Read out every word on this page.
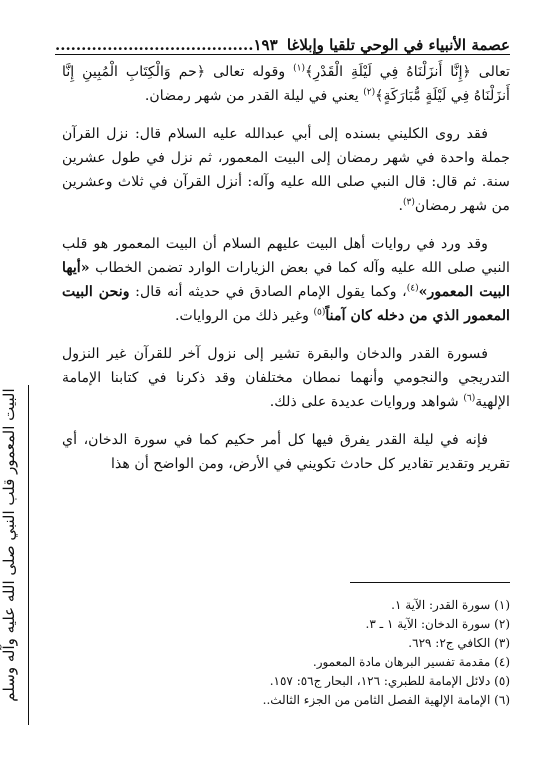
عصمة الأنبياء في الوحي تلقيا وإبلاغا
١٩٣......................................

تعالى ﴿إِنَّا أَنزَلْنَاهُ فِي لَيْلَةِ الْقَدْرِ﴾$^{(١)}$ وقوله تعالى ﴿حم وَالْكِتَابِ الْمُبِينِ إِنَّا أَنزَلْنَاهُ فِي لَيْلَةٍ مُّبَارَكَةٍ﴾$^{(٢)}$ يعني في ليلة القدر من شهر رمضان.

فقد روى الكليني بسنده إلى أبي عبدالله عليه السلام قال: نزل القرآن جملة واحدة في شهر رمضان إلى البيت المعمور، ثم نزل في طول عشرين سنة. ثم قال: قال النبي صلى الله عليه وآله: أنزل القرآن في ثلاث وعشرين من شهر رمضان$^{(٣)}$.

وقد ورد في روايات أهل البيت عليهم السلام أن البيت المعمور هو قلب النبي صلى الله عليه وآله كما في بعض الزيارات الوارد تضمن الخطاب «أيها البيت المعمور»$^{(٤)}$، وكما يقول الإمام الصادق في حديثه أنه قال: ونحن البيت المعمور الذي من دخله كان آمناً$^{(٥)}$ وغير ذلك من الروايات.

فسورة القدر والدخان والبقرة تشير إلى نزول آخر للقرآن غير النزول التدريجي والنجومي وأنهما نمطان مختلفان وقد ذكرنا في كتابنا الإمامة الإلهية$^{(٦)}$ شواهد وروايات عديدة على ذلك.

فإنه في ليلة القدر يفرق فيها كل أمر حكيم كما في سورة الدخان، أي تقرير وتقدير تقادير كل حادث تكويني في الأرض، ومن الواضح أن هذا

(١) سورة القدر: الآية ١.
(٢) سورة الدخان: الآية ١ ـ ٣.
(٣) الكافي ج٢: ٦٢٩.
(٤) مقدمة تفسير البرهان مادة المعمور.
(٥) دلائل الإمامة للطبري: ١٢٦، البحار ج٥٦: ١٥٧.
(٦) الإمامة الإلهية الفصل الثامن من الجزء الثالث..
البيت المعمور قلب النبي صلى الله عليه وآله وسلم
